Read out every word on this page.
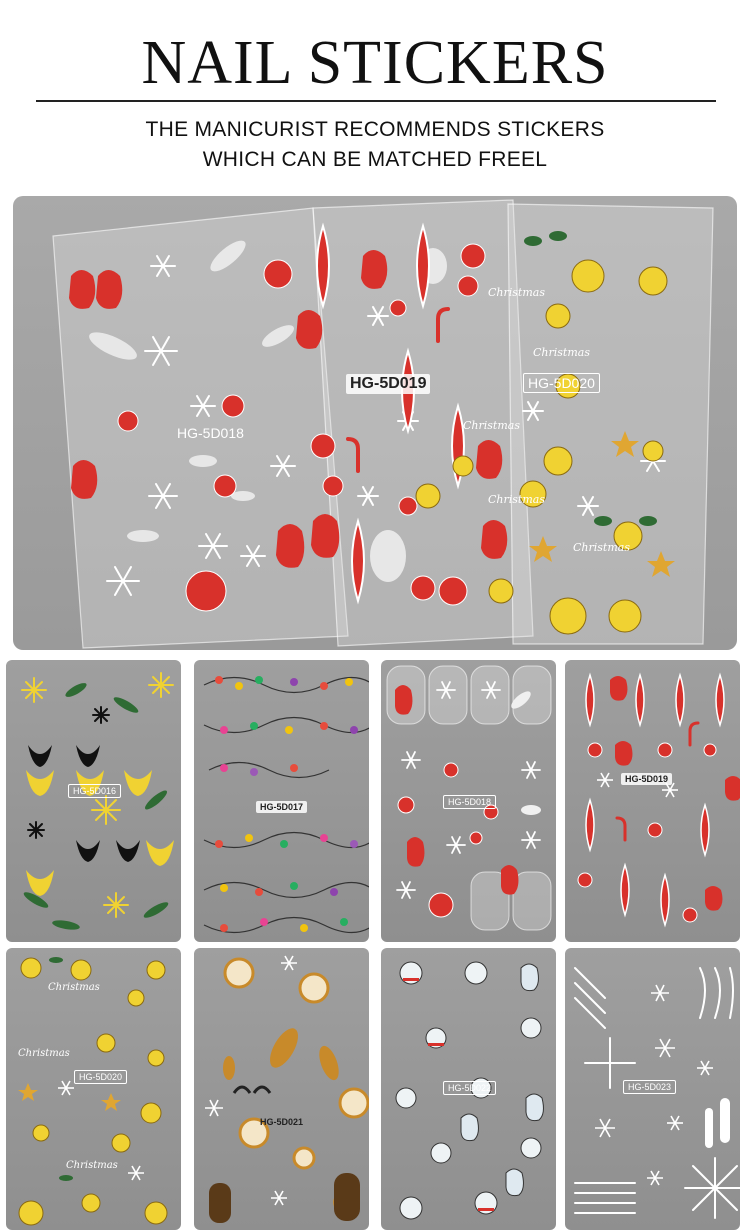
NAIL STICKERS
THE MANICURIST RECOMMENDS STICKERS
WHICH CAN BE MATCHED FREEL
HG-5D018
HG-5D019	HG-5D020
Christmas
Christmas
Christmas
Christmas
Christmas
HG-5D016
HG-5D017	HG-5D018
HG-5D019
Christmas
Christmas
Christmas
HG-5D020
HG-5D021
HG-5D022	HG-5D023
